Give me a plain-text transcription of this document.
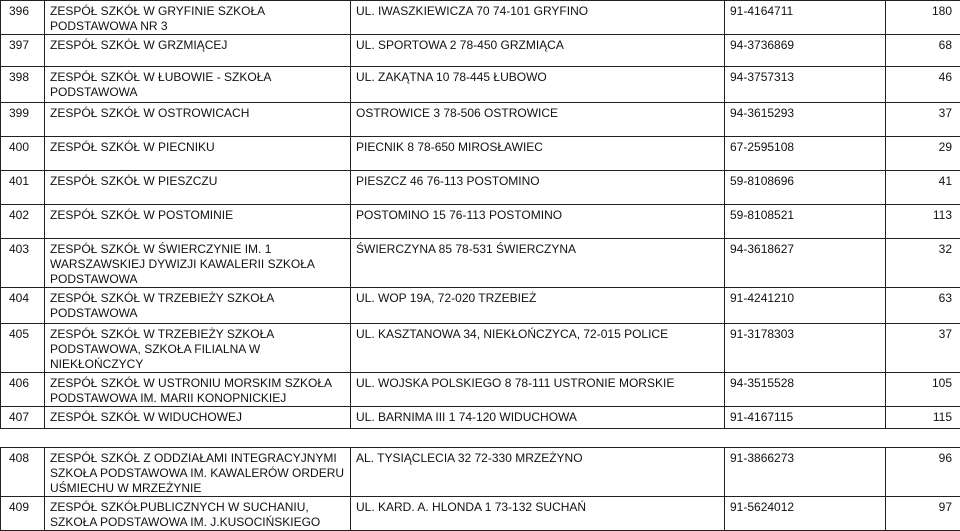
396	ZESPÓŁ SZKÓŁ W GRYFINIE SZKOŁA PODSTAWOWA NR 3	UL. IWASZKIEWICZA 70 74-101 GRYFINO	91-4164711	180
397	ZESPÓŁ SZKÓŁ W GRZMIĄCEJ	UL. SPORTOWA 2 78-450 GRZMIĄCA	94-3736869	68
398	ZESPÓŁ SZKÓŁ W ŁUBOWIE - SZKOŁA PODSTAWOWA	UL. ZAKĄTNA 10 78-445 ŁUBOWO	94-3757313	46
399	ZESPÓŁ SZKÓŁ W OSTROWICACH	OSTROWICE 3 78-506 OSTROWICE	94-3615293	37
400	ZESPÓŁ SZKÓŁ W PIECNIKU	PIECNIK 8 78-650 MIROSŁAWIEC	67-2595108	29
401	ZESPÓŁ SZKÓŁ W PIESZCZU	PIESZCZ 46 76-113 POSTOMINO	59-8108696	41
402	ZESPÓŁ SZKÓŁ W POSTOMINIE	POSTOMINO 15 76-113 POSTOMINO	59-8108521	113
403	ZESPÓŁ SZKÓŁ W ŚWIERCZYNIE IM. 1 WARSZAWSKIEJ DYWIZJI KAWALERII SZKOŁA PODSTAWOWA	ŚWIERCZYNA 85 78-531 ŚWIERCZYNA	94-3618627	32
404	ZESPÓŁ SZKÓŁ W TRZEBIEŻY SZKOŁA PODSTAWOWA	UL. WOP 19A, 72-020 TRZEBIEŻ	91-4241210	63
405	ZESPÓŁ SZKÓŁ W TRZEBIEŻY SZKOŁA PODSTAWOWA, SZKOŁA FILIALNA W NIEKŁOŃCZYCY	UL. KASZTANOWA 34, NIEKŁOŃCZYCA, 72-015 POLICE	91-3178303	37
406	ZESPÓŁ SZKÓŁ W USTRONIU MORSKIM SZKOŁA PODSTAWOWA IM. MARII KONOPNICKIEJ	UL. WOJSKA POLSKIEGO 8 78-111 USTRONIE MORSKIE	94-3515528	105
407	ZESPÓŁ SZKÓŁ W WIDUCHOWEJ	UL. BARNIMA III 1 74-120 WIDUCHOWA	91-4167115	115

408	ZESPÓŁ SZKÓŁ Z ODDZIAŁAMI INTEGRACYJNYMI SZKOŁA PODSTAWOWA IM. KAWALERÓW ORDERU UŚMIECHU W MRZEŻYNIE	AL. TYSIĄCLECIA 32 72-330 MRZEŻYNO	91-3866273	96
409	ZESPÓŁ SZKÓŁPUBLICZNYCH W SUCHANIU, SZKOŁA PODSTAWOWA IM. J.KUSOCIŃSKIEGO	UL. KARD. A. HLONDA 1 73-132 SUCHAŃ	91-5624012	97
